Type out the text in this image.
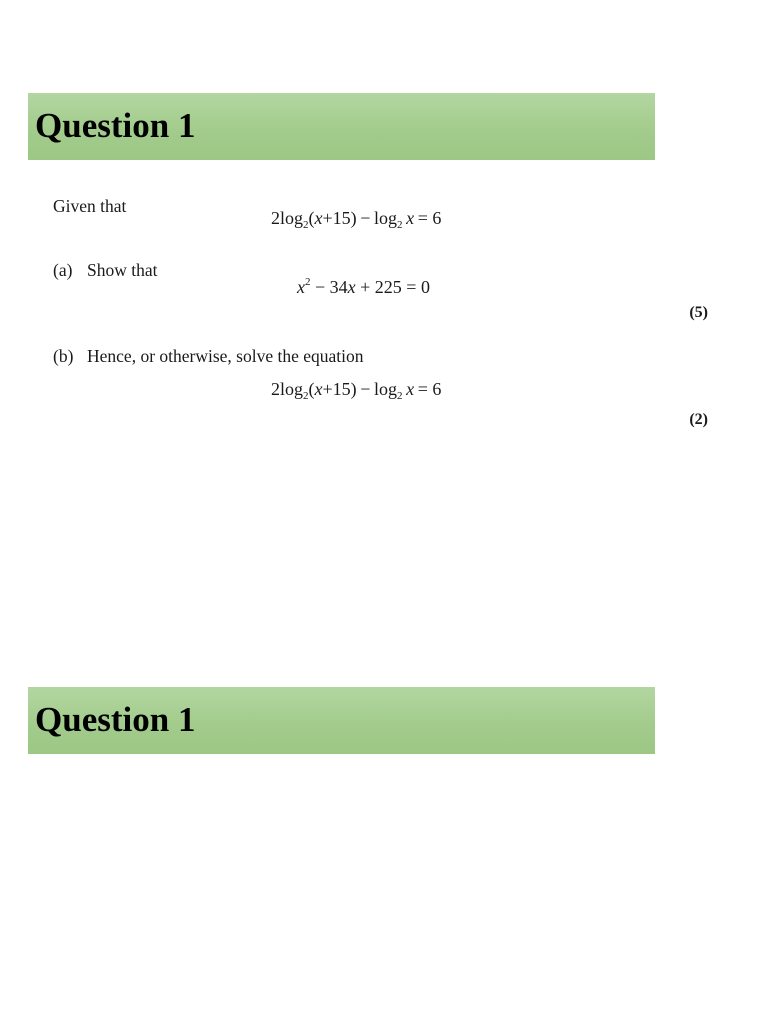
Question 1
Given that
$2\log_2(x+15) - \log_2 x = 6$
(a) Show that
$x^2 - 34x + 225 = 0$
(5)
(b) Hence, or otherwise, solve the equation
$2\log_2(x+15) - \log_2 x = 6$
(2)
Question 1
